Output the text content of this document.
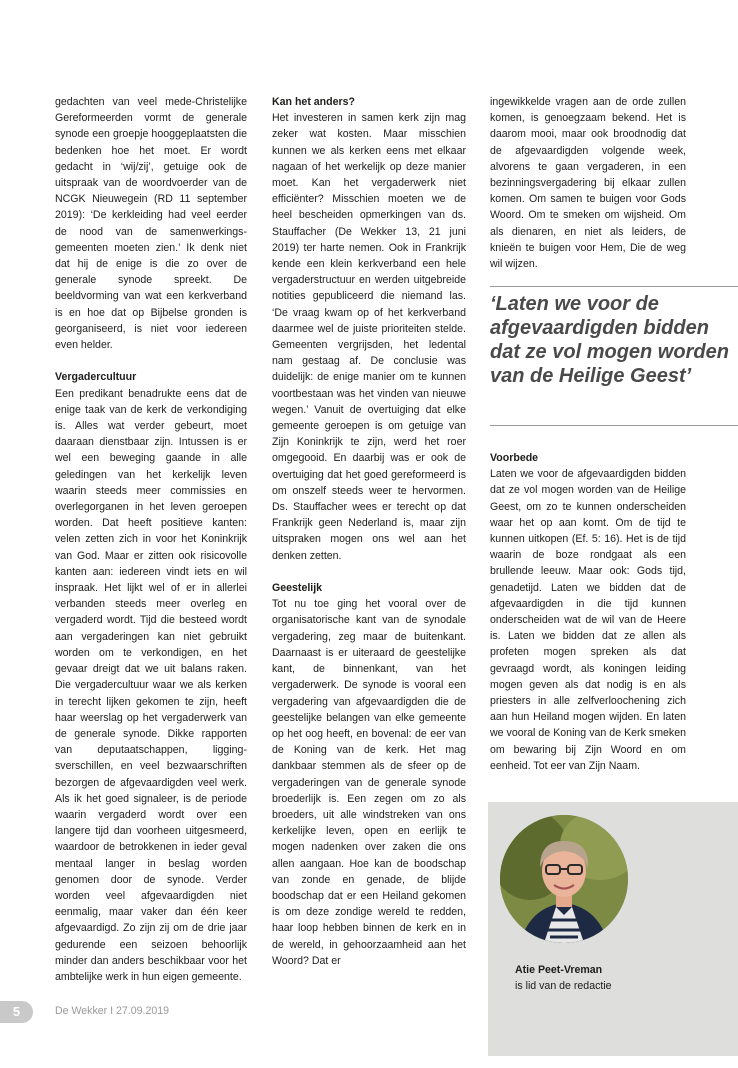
gedachten van veel mede-Christelijke Gereformeerden vormt de generale synode een groepje hooggeplaatsten die bedenken hoe het moet. Er wordt gedacht in ‘wij/zij’, getuige ook de uitspraak van de woordvoerder van de NCGK Nieuwegein (RD 11 september 2019): ‘De kerkleiding had veel eerder de nood van de samenwerkingsgemeenten moeten zien.’ Ik denk niet dat hij de enige is die zo over de generale synode spreekt. De beeldvorming van wat een kerkverband is en hoe dat op Bijbelse gronden is georganiseerd, is niet voor iedereen even helder.

Vergadercultuur

Een predikant benadrukte eens dat de enige taak van de kerk de verkondiging is. Alles wat verder gebeurt, moet daaraan dienstbaar zijn. Intussen is er wel een beweging gaande in alle geledingen van het kerkelijk leven waarin steeds meer commissies en overlegorganen in het leven geroepen worden. Dat heeft positieve kanten: velen zetten zich in voor het Koninkrijk van God. Maar er zitten ook risicovolle kanten aan: iedereen vindt iets en wil inspraak. Het lijkt wel of er in allerlei verbanden steeds meer overleg en vergaderd wordt. Tijd die besteed wordt aan vergaderingen kan niet gebruikt worden om te verkondigen, en het gevaar dreigt dat we uit balans raken. Die vergadercultuur waar we als kerken in terecht lijken gekomen te zijn, heeft haar weerslag op het vergaderwerk van de generale synode. Dikke rapporten van deputaatschappen, liggingsverschillen, en veel bezwaarschriften bezorgen de afgevaardigden veel werk. Als ik het goed signaleer, is de periode waarin vergaderd wordt over een langere tijd dan voorheen uitgesmeerd, waardoor de betrokkenen in ieder geval mentaal langer in beslag worden genomen door de synode. Verder worden veel afgevaardigden niet eenmalig, maar vaker dan één keer afgevaardigd. Zo zijn zij om de drie jaar gedurende een seizoen behoorlijk minder dan anders beschikbaar voor het ambtelijke werk in hun eigen gemeente.

Kan het anders?

Het investeren in samen kerk zijn mag zeker wat kosten. Maar misschien kunnen we als kerken eens met elkaar nagaan of het werkelijk op deze manier moet. Kan het vergaderwerk niet efficiënter? Misschien moeten we de heel bescheiden opmerkingen van ds. Stauffacher (De Wekker 13, 21 juni 2019) ter harte nemen. Ook in Frankrijk kende een klein kerkverband een hele vergaderstructuur en werden uitgebreide notities gepubliceerd die niemand las. ‘De vraag kwam op of het kerkverband daarmee wel de juiste prioriteiten stelde. Gemeenten vergrijsden, het ledental nam gestaag af. De conclusie was duidelijk: de enige manier om te kunnen voortbestaan was het vinden van nieuwe wegen.’ Vanuit de overtuiging dat elke gemeente geroepen is om getuige van Zijn Koninkrijk te zijn, werd het roer omgegooid. En daarbij was er ook de overtuiging dat het goed gereformeerd is om onszelf steeds weer te hervormen. Ds. Stauffacher wees er terecht op dat Frankrijk geen Nederland is, maar zijn uitspraken mogen ons wel aan het denken zetten.

Geestelijk

Tot nu toe ging het vooral over de organisatorische kant van de synodale vergadering, zeg maar de buitenkant. Daarnaast is er uiteraard de geestelijke kant, de binnenkant, van het vergaderwerk. De synode is vooral een vergadering van afgevaardigden die de geestelijke belangen van elke gemeente op het oog heeft, en bovenal: de eer van de Koning van de kerk. Het mag dankbaar stemmen als de sfeer op de vergaderingen van de generale synode broederlijk is. Een zegen om zo als broeders, uit alle windstreken van ons kerkelijke leven, open en eerlijk te mogen nadenken over zaken die ons allen aangaan. Hoe kan de boodschap van zonde en genade, de blijde boodschap dat er een Heiland gekomen is om deze zondige wereld te redden, haar loop hebben binnen de kerk en in de wereld, in gehoorzaamheid aan het Woord? Dat er

ingewikkelde vragen aan de orde zullen komen, is genoegzaam bekend. Het is daarom mooi, maar ook broodnodig dat de afgevaardigden volgende week, alvorens te gaan vergaderen, in een bezinningsvergadering bij elkaar zullen komen. Om samen te buigen voor Gods Woord. Om te smeken om wijsheid. Om als dienaren, en niet als leiders, de knieën te buigen voor Hem, Die de weg wil wijzen.

‘Laten we voor de afgevaardigden bidden dat ze vol mogen worden van de Heilige Geest’

Voorbede

Laten we voor de afgevaardigden bidden dat ze vol mogen worden van de Heilige Geest, om zo te kunnen onderscheiden waar het op aan komt. Om de tijd te kunnen uitkopen (Ef. 5: 16). Het is de tijd waarin de boze rondgaat als een brullende leeuw. Maar ook: Gods tijd, genadetijd. Laten we bidden dat de afgevaardigden in die tijd kunnen onderscheiden wat de wil van de Heere is. Laten we bidden dat ze allen als profeten mogen spreken als dat gevraagd wordt, als koningen leiding mogen geven als dat nodig is en als priesters in alle zelfverloochening zich aan hun Heiland mogen wijden. En laten we vooral de Koning van de Kerk smeken om bewaring bij Zijn Woord en om eenheid. Tot eer van Zijn Naam.

Atie Peet-Vreman
is lid van de redactie
5	De Wekker I 27.09.2019
